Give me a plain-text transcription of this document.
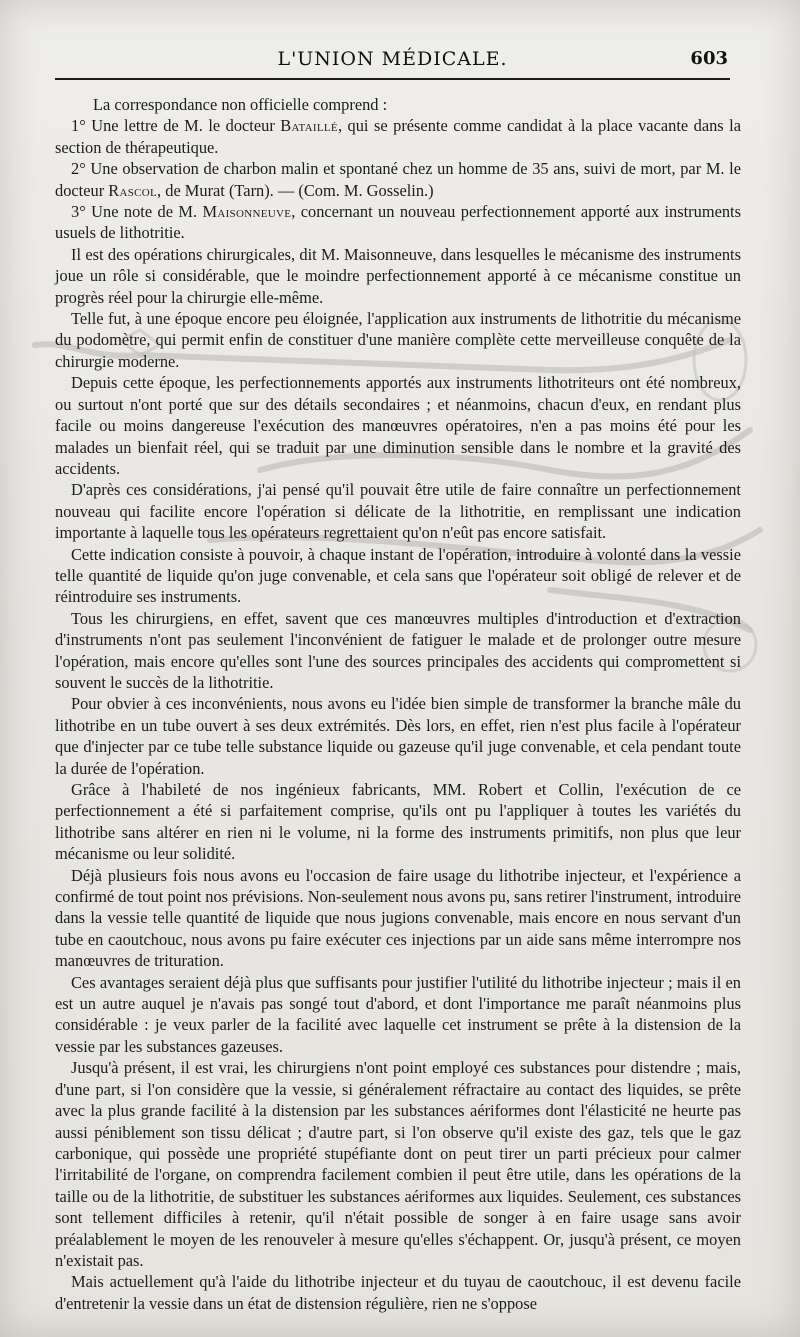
L'UNION MÉDICALE.	603

La correspondance non officielle comprend :

1° Une lettre de M. le docteur Bataillé, qui se présente comme candidat à la place vacante dans la section de thérapeutique.

2° Une observation de charbon malin et spontané chez un homme de 35 ans, suivi de mort, par M. le docteur Rascol, de Murat (Tarn). — (Com. M. Gosselin.)

3° Une note de M. Maisonneuve, concernant un nouveau perfectionnement apporté aux instruments usuels de lithotritie.

Il est des opérations chirurgicales, dit M. Maisonneuve, dans lesquelles le mécanisme des instruments joue un rôle si considérable, que le moindre perfectionnement apporté à ce mécanisme constitue un progrès réel pour la chirurgie elle-même.

Telle fut, à une époque encore peu éloignée, l'application aux instruments de lithotritie du mécanisme du podomètre, qui permit enfin de constituer d'une manière complète cette merveilleuse conquête de la chirurgie moderne.

Depuis cette époque, les perfectionnements apportés aux instruments lithotriteurs ont été nombreux, ou surtout n'ont porté que sur des détails secondaires ; et néanmoins, chacun d'eux, en rendant plus facile ou moins dangereuse l'exécution des manœuvres opératoires, n'en a pas moins été pour les malades un bienfait réel, qui se traduit par une diminution sensible dans le nombre et la gravité des accidents.

D'après ces considérations, j'ai pensé qu'il pouvait être utile de faire connaître un perfectionnement nouveau qui facilite encore l'opération si délicate de la lithotritie, en remplissant une indication importante à laquelle tous les opérateurs regrettaient qu'on n'eût pas encore satisfait.

Cette indication consiste à pouvoir, à chaque instant de l'opération, introduire à volonté dans la vessie telle quantité de liquide qu'on juge convenable, et cela sans que l'opérateur soit obligé de relever et de réintroduire ses instruments.

Tous les chirurgiens, en effet, savent que ces manœuvres multiples d'introduction et d'extraction d'instruments n'ont pas seulement l'inconvénient de fatiguer le malade et de prolonger outre mesure l'opération, mais encore qu'elles sont l'une des sources principales des accidents qui compromettent si souvent le succès de la lithotritie.

Pour obvier à ces inconvénients, nous avons eu l'idée bien simple de transformer la branche mâle du lithotribe en un tube ouvert à ses deux extrémités. Dès lors, en effet, rien n'est plus facile à l'opérateur que d'injecter par ce tube telle substance liquide ou gazeuse qu'il juge convenable, et cela pendant toute la durée de l'opération.

Grâce à l'habileté de nos ingénieux fabricants, MM. Robert et Collin, l'exécution de ce perfectionnement a été si parfaitement comprise, qu'ils ont pu l'appliquer à toutes les variétés du lithotribe sans altérer en rien ni le volume, ni la forme des instruments primitifs, non plus que leur mécanisme ou leur solidité.

Déjà plusieurs fois nous avons eu l'occasion de faire usage du lithotribe injecteur, et l'expérience a confirmé de tout point nos prévisions. Non-seulement nous avons pu, sans retirer l'instrument, introduire dans la vessie telle quantité de liquide que nous jugions convenable, mais encore en nous servant d'un tube en caoutchouc, nous avons pu faire exécuter ces injections par un aide sans même interrompre nos manœuvres de trituration.

Ces avantages seraient déjà plus que suffisants pour justifier l'utilité du lithotribe injecteur ; mais il en est un autre auquel je n'avais pas songé tout d'abord, et dont l'importance me paraît néanmoins plus considérable : je veux parler de la facilité avec laquelle cet instrument se prête à la distension de la vessie par les substances gazeuses.

Jusqu'à présent, il est vrai, les chirurgiens n'ont point employé ces substances pour distendre ; mais, d'une part, si l'on considère que la vessie, si généralement réfractaire au contact des liquides, se prête avec la plus grande facilité à la distension par les substances aériformes dont l'élasticité ne heurte pas aussi péniblement son tissu délicat ; d'autre part, si l'on observe qu'il existe des gaz, tels que le gaz carbonique, qui possède une propriété stupéfiante dont on peut tirer un parti précieux pour calmer l'irritabilité de l'organe, on comprendra facilement combien il peut être utile, dans les opérations de la taille ou de la lithotritie, de substituer les substances aériformes aux liquides. Seulement, ces substances sont tellement difficiles à retenir, qu'il n'était possible de songer à en faire usage sans avoir préalablement le moyen de les renouveler à mesure qu'elles s'échappent. Or, jusqu'à présent, ce moyen n'existait pas.

Mais actuellement qu'à l'aide du lithotribe injecteur et du tuyau de caoutchouc, il est devenu facile d'entretenir la vessie dans un état de distension régulière, rien ne s'oppose
